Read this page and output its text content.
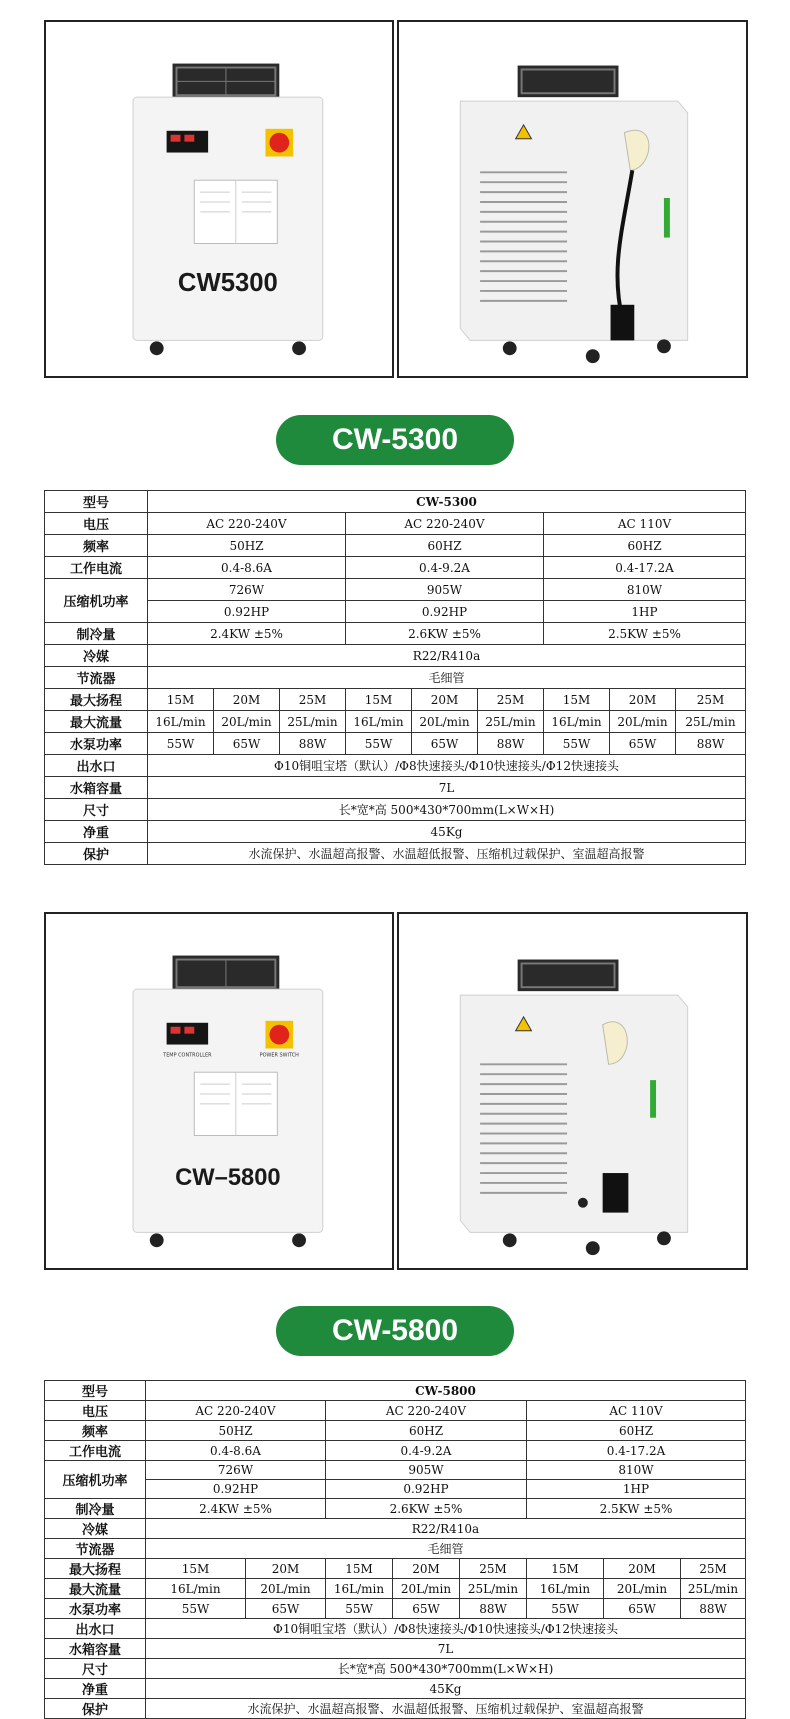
CW5300
CW-5300
型号	CW-5300								
电压	AC 220-240V			AC 220-240V			AC 110V		
频率	50HZ			60HZ			60HZ		
工作电流	0.4-8.6A			0.4-9.2A			0.4-17.2A		
压缩机功率	726W			905W			810W		
	0.92HP			0.92HP			1HP		
制冷量	2.4KW ±5%			2.6KW ±5%			2.5KW ±5%		
冷媒	R22/R410a								
节流器	毛细管								
最大扬程	15M	20M	25M	15M	20M	25M	15M	20M	25M
最大流量	16L/min	20L/min	25L/min	16L/min	20L/min	25L/min	16L/min	20L/min	25L/min
水泵功率	55W	65W	88W	55W	65W	88W	55W	65W	88W
出水口	Φ10铜咀宝塔（默认）/Φ8快速接头/Φ10快速接头/Φ12快速接头								
水箱容量	7L								
尺寸	长*宽*高 500*430*700mm(L×W×H)								
净重	45Kg								
保护	水流保护、水温超高报警、水温超低报警、压缩机过载保护、室温超高报警								
TEMP CONTROLLER	POWER SWITCH
CW–5800
CW-5800
型号	CW-5800							
电压	AC 220-240V		AC 220-240V			AC 110V		
频率	50HZ		60HZ			60HZ		
工作电流	0.4-8.6A		0.4-9.2A			0.4-17.2A		
压缩机功率	726W		905W			810W		
	0.92HP		0.92HP			1HP		
制冷量	2.4KW ±5%		2.6KW ±5%			2.5KW ±5%		
冷媒	R22/R410a							
节流器	毛细管							
最大扬程	15M	20M	15M	20M	25M	15M	20M	25M
最大流量	16L/min	20L/min	16L/min	20L/min	25L/min	16L/min	20L/min	25L/min
水泵功率	55W	65W	55W	65W	88W	55W	65W	88W
出水口	Φ10铜咀宝塔（默认）/Φ8快速接头/Φ10快速接头/Φ12快速接头							
水箱容量	7L							
尺寸	长*宽*高 500*430*700mm(L×W×H)							
净重	45Kg							
保护	水流保护、水温超高报警、水温超低报警、压缩机过载保护、室温超高报警							
